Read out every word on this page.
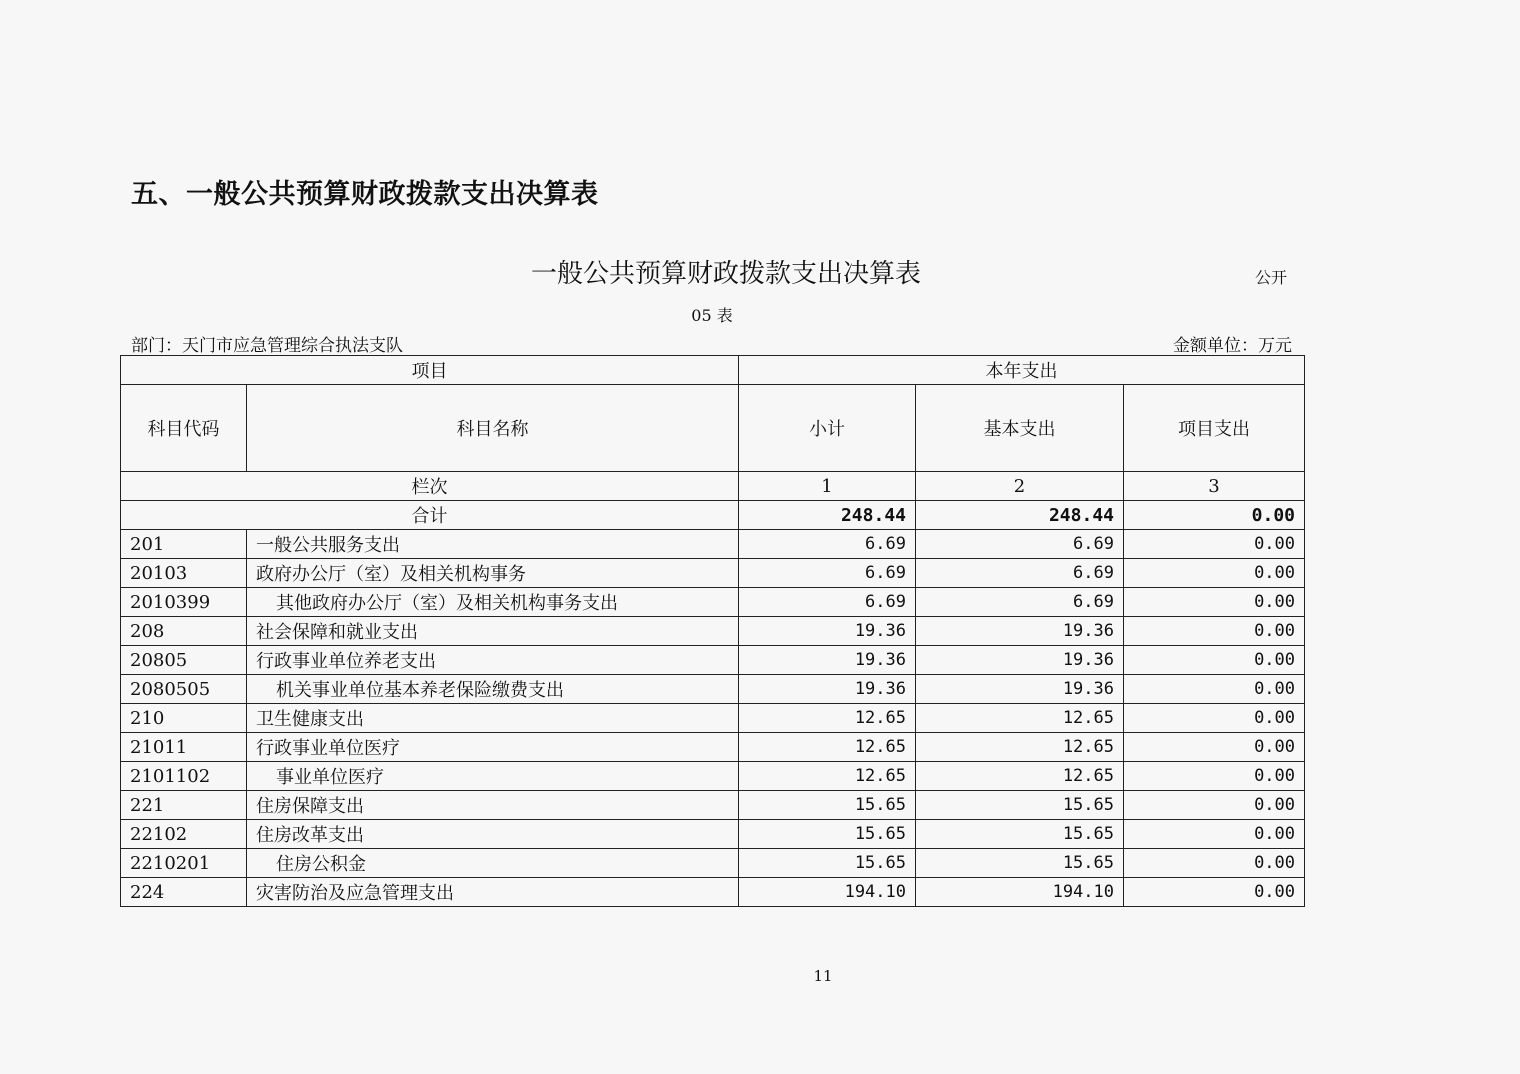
五、一般公共预算财政拨款支出决算表
一般公共预算财政拨款支出决算表	公开
05 表
部门：天门市应急管理综合执法支队	金额单位：万元
项目		本年支出		
科目代码	科目名称	小计	基本支出	项目支出
栏次		1	2	3
合计		248.44	248.44	0.00
201	一般公共服务支出	6.69	6.69	0.00
20103	政府办公厅（室）及相关机构事务	6.69	6.69	0.00
2010399	其他政府办公厅（室）及相关机构事务支出	6.69	6.69	0.00
208	社会保障和就业支出	19.36	19.36	0.00
20805	行政事业单位养老支出	19.36	19.36	0.00
2080505	机关事业单位基本养老保险缴费支出	19.36	19.36	0.00
210	卫生健康支出	12.65	12.65	0.00
21011	行政事业单位医疗	12.65	12.65	0.00
2101102	事业单位医疗	12.65	12.65	0.00
221	住房保障支出	15.65	15.65	0.00
22102	住房改革支出	15.65	15.65	0.00
2210201	住房公积金	15.65	15.65	0.00
224	灾害防治及应急管理支出	194.10	194.10	0.00
11
